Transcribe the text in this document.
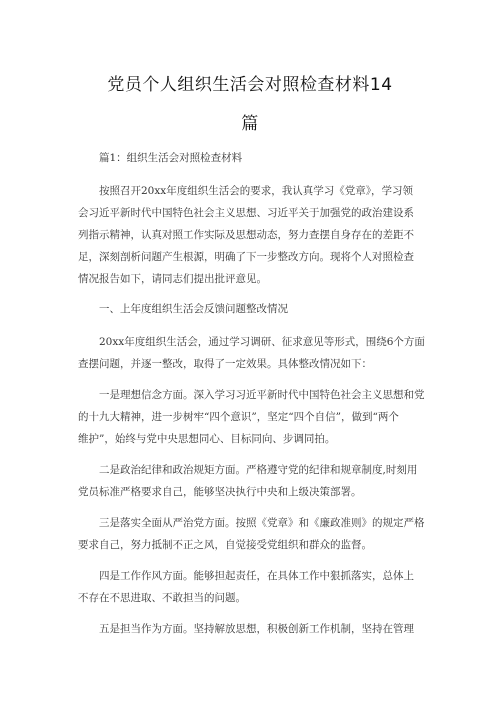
党员个人组织生活会对照检查材料14
篇
篇1：组织生活会对照检查材料
按照召开20xx年度组织生活会的要求，我认真学习《党章》，学习领
会习近平新时代中国特色社会主义思想、习近平关于加强党的政治建设系
列指示精神，认真对照工作实际及思想动态，努力查摆自身存在的差距不
足，深刻剖析问题产生根源，明确了下一步整改方向。现将个人对照检查
情况报告如下，请同志们提出批评意见。
一、上年度组织生活会反馈问题整改情况
20xx年度组织生活会，通过学习调研、征求意见等形式，围绕6个方面
查摆问题，并逐一整改，取得了一定效果。具体整改情况如下：
一是理想信念方面。深入学习习近平新时代中国特色社会主义思想和党
的十九大精神，进一步树牢“四个意识”，坚定“四个自信”，做到“两个
维护”，始终与党中央思想同心、目标同向、步调同拍。
二是政治纪律和政治规矩方面。严格遵守党的纪律和规章制度,时刻用
党员标准严格要求自己，能够坚决执行中央和上级决策部署。
三是落实全面从严治党方面。按照《党章》和《廉政准则》的规定严格
要求自己，努力抵制不正之风，自觉接受党组织和群众的监督。
四是工作作风方面。能够担起责任，在具体工作中狠抓落实，总体上
不存在不思进取、不敢担当的问题。
五是担当作为方面。坚持解放思想，积极创新工作机制，坚持在管理
